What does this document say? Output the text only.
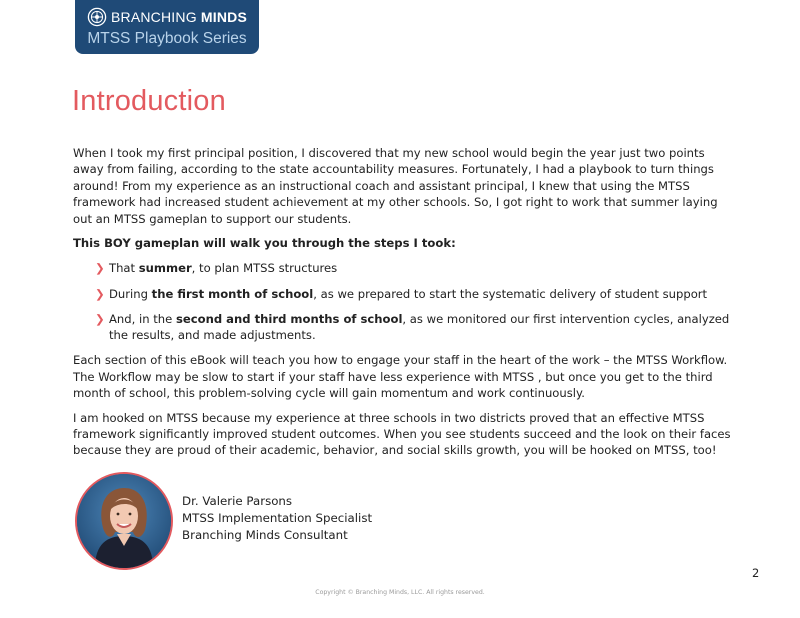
BRANCHING MINDS
MTSS Playbook Series
Introduction

When I took my first principal position, I discovered that my new school would begin the year just two points away from failing, according to the state accountability measures. Fortunately, I had a playbook to turn things around! From my experience as an instructional coach and assistant principal, I knew that using the MTSS framework had increased student achievement at my other schools. So, I got right to work that summer laying out an MTSS gameplan to support our students.

This BOY gameplan will walk you through the steps I took:

❯ That summer, to plan MTSS structures
❯ During the first month of school, as we prepared to start the systematic delivery of student support
❯ And, in the second and third months of school, as we monitored our first intervention cycles, analyzed the results, and made adjustments.

Each section of this eBook will teach you how to engage your staff in the heart of the work – the MTSS Workflow. The Workflow may be slow to start if your staff have less experience with MTSS , but once you get to the third month of school, this problem-solving cycle will gain momentum and work continuously.

I am hooked on MTSS because my experience at three schools in two districts proved that an effective MTSS framework significantly improved student outcomes. When you see students succeed and the look on their faces because they are proud of their academic, behavior, and social skills growth, you will be hooked on MTSS, too!

Dr. Valerie Parsons
MTSS Implementation Specialist
Branching Minds Consultant
2
Copyright © Branching Minds, LLC. All rights reserved.
